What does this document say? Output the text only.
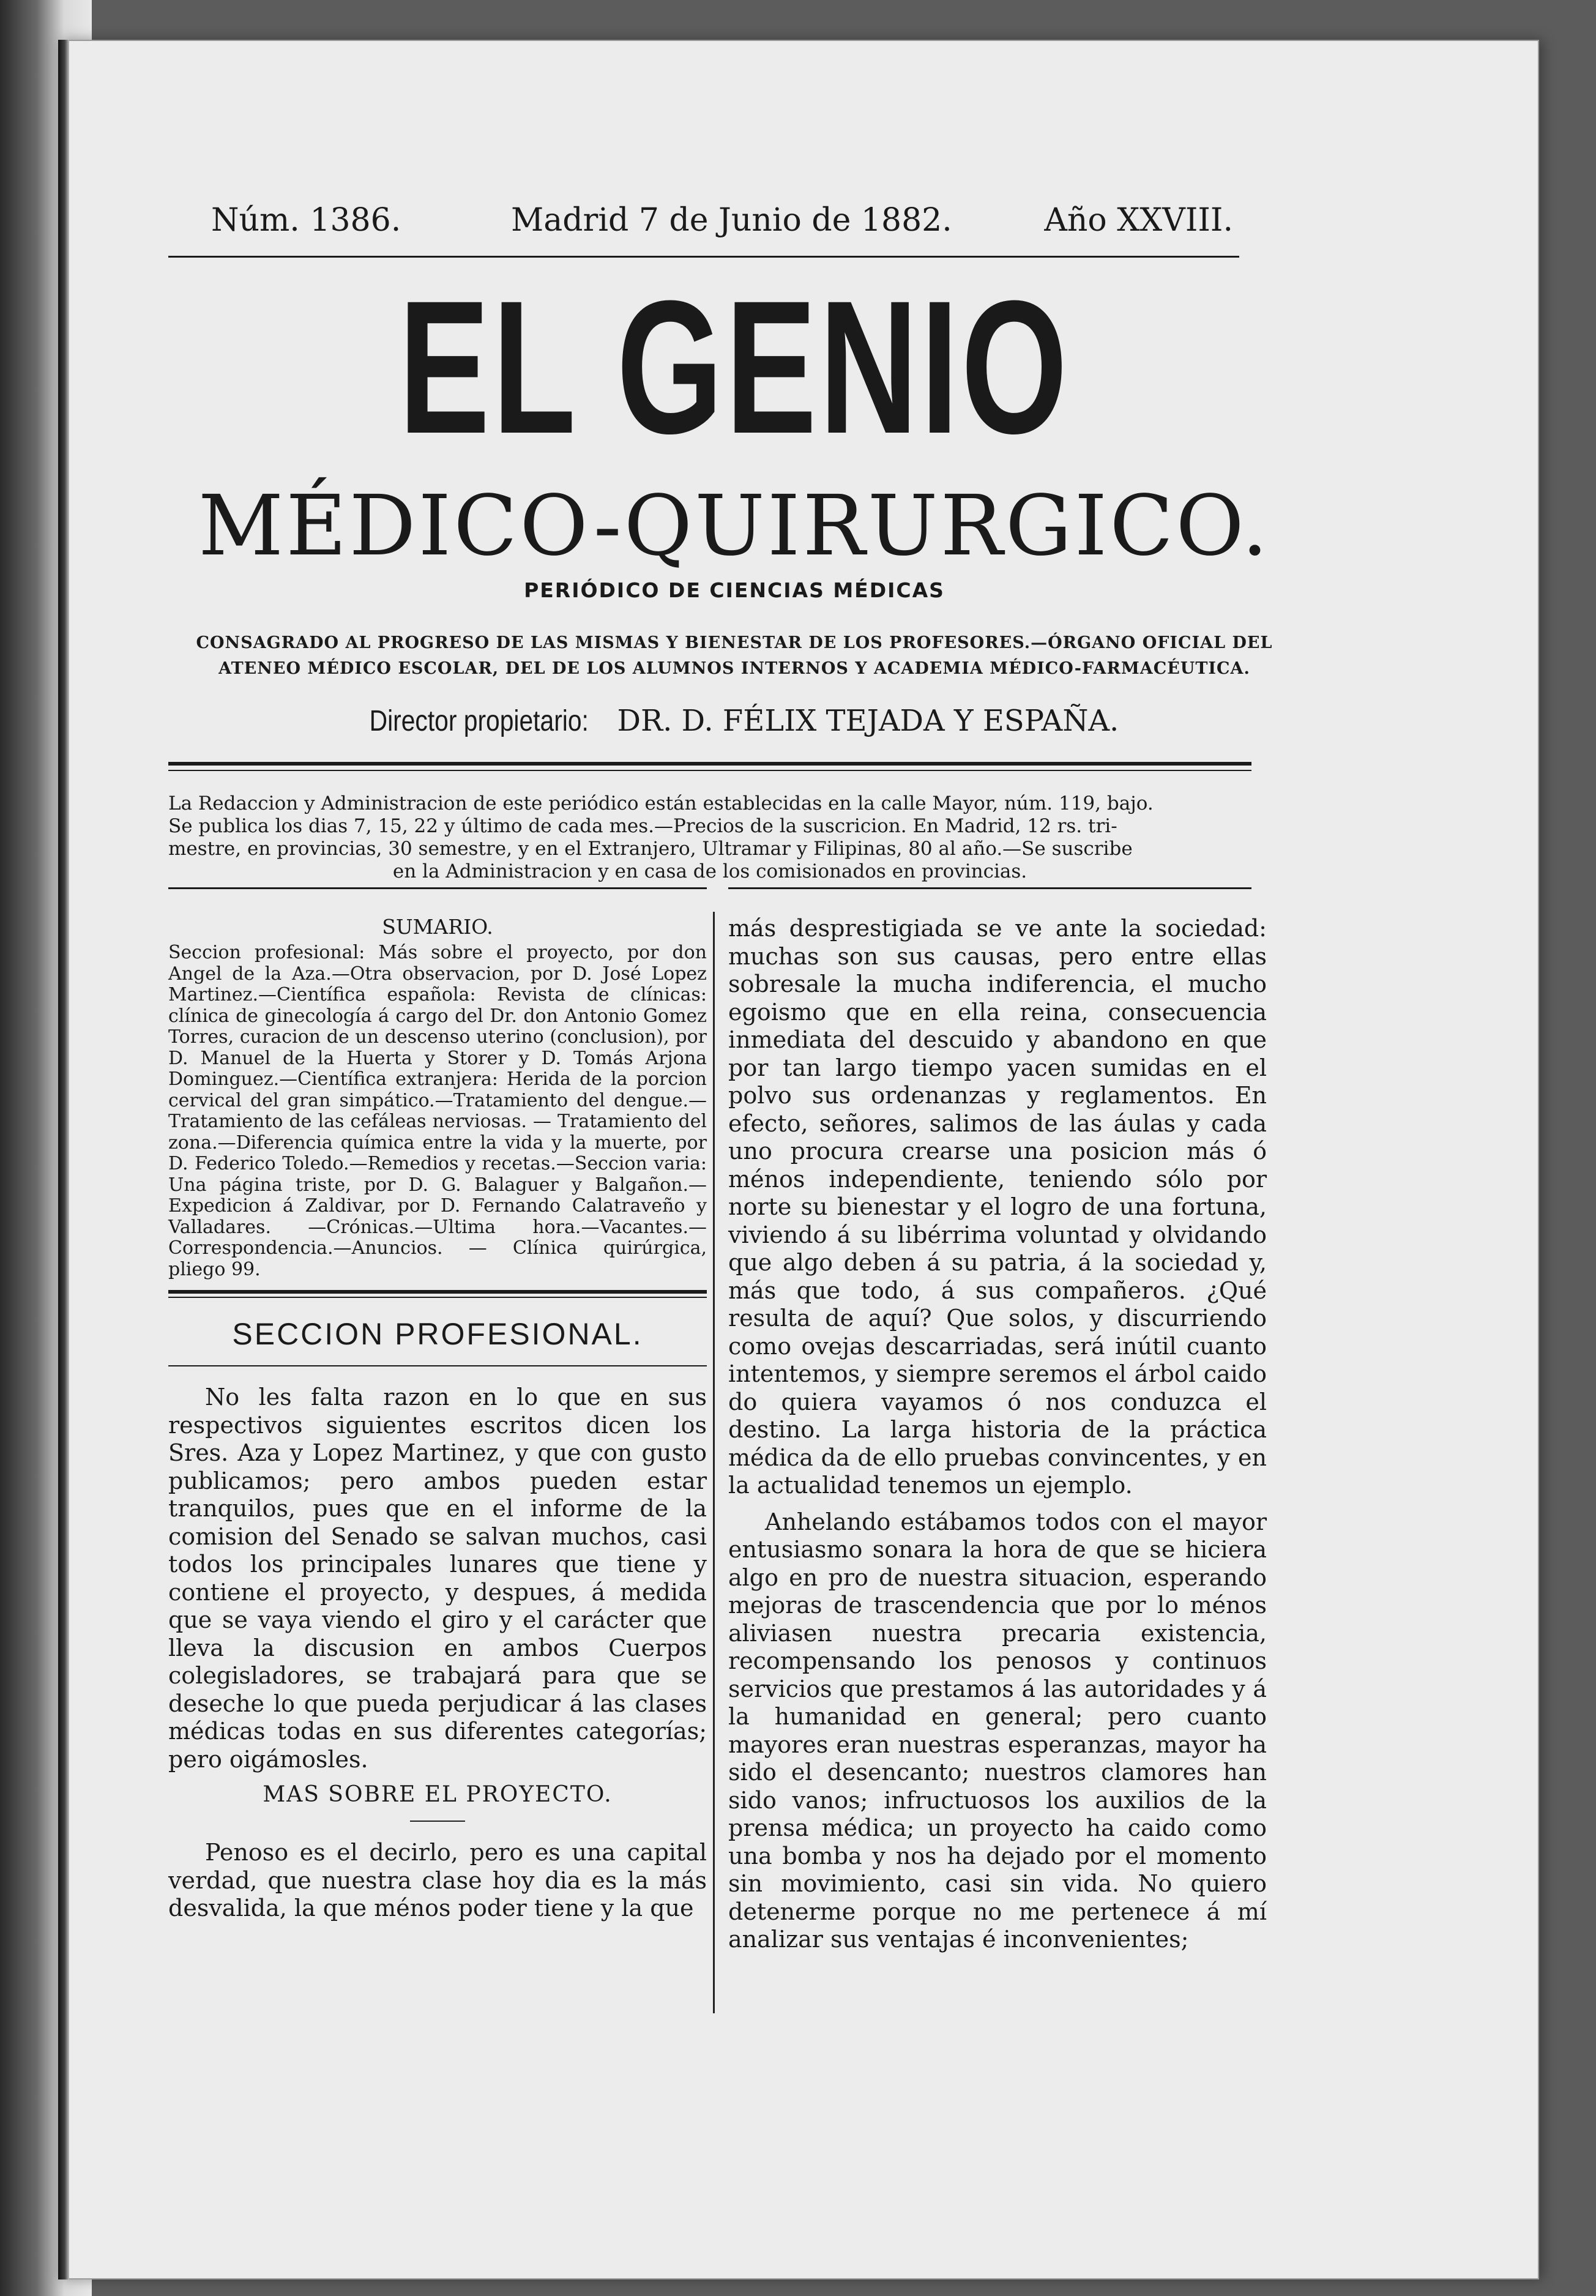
Núm. 1386.	Madrid 7 de Junio de 1882.	Año XXVIII.
EL GENIO
MÉDICO-QUIRURGICO.
PERIÓDICO DE CIENCIAS MÉDICAS
CONSAGRADO AL PROGRESO DE LAS MISMAS Y BIENESTAR DE LOS PROFESORES.—ÓRGANO OFICIAL DEL
ATENEO MÉDICO ESCOLAR, DEL DE LOS ALUMNOS INTERNOS Y ACADEMIA MÉDICO-FARMACÉUTICA.
Director propietario: DR. D. FÉLIX TEJADA Y ESPAÑA.

La Redaccion y Administracion de este periódico están establecidas en la calle Mayor, núm. 119, bajo.

Se publica los dias 7, 15, 22 y último de cada mes.—Precios de la suscricion. En Madrid, 12 rs. tri-

mestre, en provincias, 30 semestre, y en el Extranjero, Ultramar y Filipinas, 80 al año.—Se suscribe

en la Administracion y en casa de los comisionados en provincias.

SUMARIO.

Seccion profesional: Más sobre el proyecto, por don Angel de la Aza.—Otra observacion, por D. José Lopez Martinez.—Científica española: Revista de clínicas: clínica de ginecología á cargo del Dr. don Antonio Gomez Torres, curacion de un descenso uterino (conclusion), por D. Manuel de la Huerta y Storer y D. Tomás Arjona Dominguez.—Científica extranjera: Herida de la porcion cervical del gran simpático.—Tratamiento del dengue.—Tratamiento de las cefáleas nerviosas. — Tratamiento del zona.—Diferencia química entre la vida y la muerte, por D. Federico Toledo.—Remedios y recetas.—Seccion varia: Una página triste, por D. G. Balaguer y Balgañon.—Expedicion á Zaldivar, por D. Fernando Calatraveño y Valladares. —Crónicas.—Ultima hora.—Vacantes.—Correspondencia.—Anuncios. — Clínica quirúrgica, pliego 99.

SECCION PROFESIONAL.

No les falta razon en lo que en sus respectivos siguientes escritos dicen los Sres. Aza y Lopez Martinez, y que con gusto publicamos; pero ambos pueden estar tranquilos, pues que en el informe de la comision del Senado se salvan muchos, casi todos los principales lunares que tiene y contiene el proyecto, y despues, á medida que se vaya viendo el giro y el carácter que lleva la discusion en ambos Cuerpos colegisladores, se trabajará para que se deseche lo que pueda perjudicar á las clases médicas todas en sus diferentes categorías; pero oigámosles.

MAS SOBRE EL PROYECTO.

Penoso es el decirlo, pero es una capital verdad, que nuestra clase hoy dia es la más desvalida, la que ménos poder tiene y la que

más desprestigiada se ve ante la sociedad: muchas son sus causas, pero entre ellas sobresale la mucha indiferencia, el mucho egoismo que en ella reina, consecuencia inmediata del descuido y abandono en que por tan largo tiempo yacen sumidas en el polvo sus ordenanzas y reglamentos. En efecto, señores, salimos de las áulas y cada uno procura crearse una posicion más ó ménos independiente, teniendo sólo por norte su bienestar y el logro de una fortuna, viviendo á su libérrima voluntad y olvidando que algo deben á su patria, á la sociedad y, más que todo, á sus compañeros. ¿Qué resulta de aquí? Que solos, y discurriendo como ovejas descarriadas, será inútil cuanto intentemos, y siempre seremos el árbol caido do quiera vayamos ó nos conduzca el destino. La larga historia de la práctica médica da de ello pruebas convincentes, y en la actualidad tenemos un ejemplo.

Anhelando estábamos todos con el mayor entusiasmo sonara la hora de que se hiciera algo en pro de nuestra situacion, esperando mejoras de trascendencia que por lo ménos aliviasen nuestra precaria existencia, recompensando los penosos y continuos servicios que prestamos á las autoridades y á la humanidad en general; pero cuanto mayores eran nuestras esperanzas, mayor ha sido el desencanto; nuestros clamores han sido vanos; infructuosos los auxilios de la prensa médica; un proyecto ha caido como una bomba y nos ha dejado por el momento sin movimiento, casi sin vida. No quiero detenerme porque no me pertenece á mí analizar sus ventajas é inconvenientes;
